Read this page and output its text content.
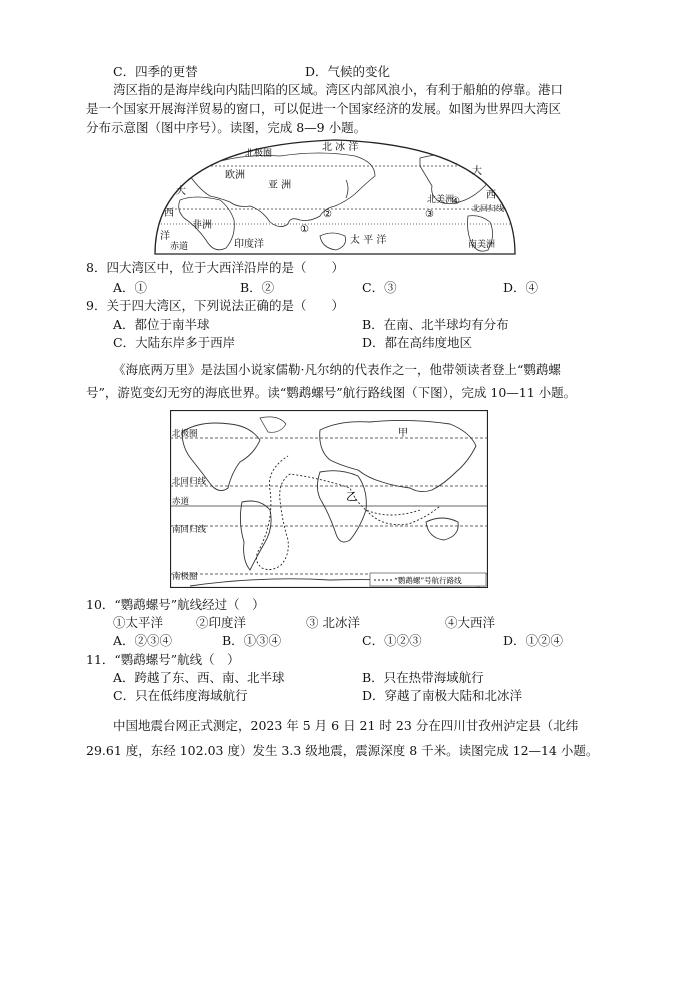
C．四季的更替	D．气候的变化
湾区指的是海岸线向内陆凹陷的区域。湾区内部风浪小，有利于船舶的停靠。港口
是一个国家开展海洋贸易的窗口，可以促进一个国家经济的发展。如图为世界四大湾区
分布示意图（图中序号）。读图，完成 8—9 小题。
北极圈
北 冰 洋
欧洲
亚 洲
大
西
洋
非洲
赤道	印度洋	太 平 洋
北美洲
大
西
北回归线
南美洲
①
②	③
④
8．四大湾区中，位于大西洋沿岸的是（　　）
A．①	B．②	C．③	D．④
9．关于四大湾区，下列说法正确的是（　　）
A．都位于南半球	B．在南、北半球均有分布
C．大陆东岸多于西岸	D．都在高纬度地区
《海底两万里》是法国小说家儒勒·凡尔纳的代表作之一，他带领读者登上“鹦鹉螺
号”，游览变幻无穷的海底世界。读“鹦鹉螺号”航行路线图（下图），完成 10—11 小题。
北极圈
北回归线
赤道
南回归线
南极圈
甲
乙
“鹦鹉螺”号航行路线
10．“鹦鹉螺号”航线经过（　）
①太平洋	②印度洋	③ 北冰洋	④大西洋
A．②③④	B．①③④	C．①②③	D．①②④
11．“鹦鹉螺号”航线（　）
A．跨越了东、西、南、北半球	B．只在热带海域航行
C．只在低纬度海域航行	D．穿越了南极大陆和北冰洋
中国地震台网正式测定，2023 年 5 月 6 日 21 时 23 分在四川甘孜州泸定县（北纬
29.61 度，东经 102.03 度）发生 3.3 级地震，震源深度 8 千米。读图完成 12—14 小题。
